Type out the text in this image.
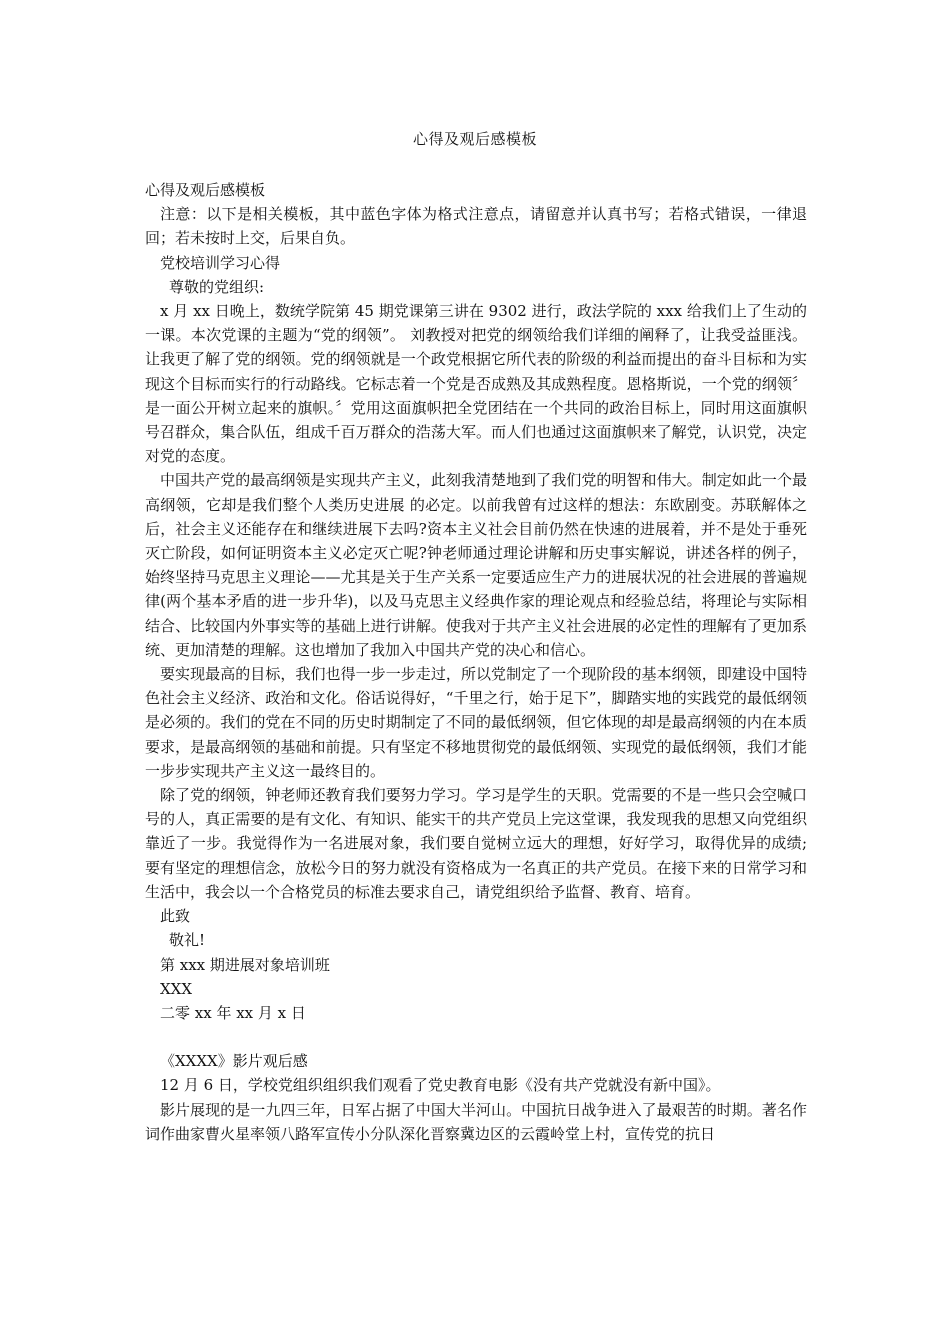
心得及观后感模板

心得及观后感模板

注意：以下是相关模板，其中蓝色字体为格式注意点，请留意并认真书写；若格式错误，一律退回；若未按时上交，后果自负。

党校培训学习心得

尊敬的党组织:

x 月 xx 日晚上，数统学院第 45 期党课第三讲在 9302 进行，政法学院的 xxx 给我们上了生动的一课。本次党课的主题为“党的纲领”。 刘教授对把党的纲领给我们详细的阐释了，让我受益匪浅。让我更了解了党的纲领。党的纲领就是一个政党根据它所代表的阶级的利益而提出的奋斗目标和为实现这个目标而实行的行动路线。它标志着一个党是否成熟及其成熟程度。恩格斯说，一个党的纲领〞是一面公开树立起来的旗帜。〞党用这面旗帜把全党团结在一个共同的政治目标上，同时用这面旗帜号召群众，集合队伍，组成千百万群众的浩荡大军。而人们也通过这面旗帜来了解党，认识党，决定对党的态度。

中国共产党的最高纲领是实现共产主义，此刻我清楚地到了我们党的明智和伟大。制定如此一个最高纲领，它却是我们整个人类历史进展 的必定。以前我曾有过这样的想法：东欧剧变。苏联解体之后，社会主义还能存在和继续进展下去吗?资本主义社会目前仍然在快速的进展着，并不是处于垂死灭亡阶段，如何证明资本主义必定灭亡呢?钟老师通过理论讲解和历史事实解说，讲述各样的例子，始终坚持马克思主义理论——尤其是关于生产关系一定要适应生产力的进展状况的社会进展的普遍规律(两个基本矛盾的进一步升华)，以及马克思主义经典作家的理论观点和经验总结，将理论与实际相结合、比较国内外事实等的基础上进行讲解。使我对于共产主义社会进展的必定性的理解有了更加系统、更加清楚的理解。这也增加了我加入中国共产党的决心和信心。

要实现最高的目标，我们也得一步一步走过，所以党制定了一个现阶段的基本纲领，即建设中国特色社会主义经济、政治和文化。俗话说得好，“千里之行，始于足下”，脚踏实地的实践党的最低纲领是必须的。我们的党在不同的历史时期制定了不同的最低纲领，但它体现的却是最高纲领的内在本质要求，是最高纲领的基础和前提。只有坚定不移地贯彻党的最低纲领、实现党的最低纲领，我们才能一步步实现共产主义这一最终目的。

除了党的纲领，钟老师还教育我们要努力学习。学习是学生的天职。党需要的不是一些只会空喊口号的人，真正需要的是有文化、有知识、能实干的共产党员上完这堂课，我发现我的思想又向党组织靠近了一步。我觉得作为一名进展对象，我们要自觉树立远大的理想，好好学习，取得优异的成绩;要有坚定的理想信念，放松今日的努力就没有资格成为一名真正的共产党员。在接下来的日常学习和生活中，我会以一个合格党员的标准去要求自己，请党组织给予监督、教育、培育。

此致

敬礼!

第 xxx 期进展对象培训班

XXX

二零 xx 年 xx 月 x 日

《XXXX》影片观后感

12 月 6 日，学校党组织组织我们观看了党史教育电影《没有共产党就没有新中国》。

影片展现的是一九四三年，日军占据了中国大半河山。中国抗日战争进入了最艰苦的时期。著名作词作曲家曹火星率领八路军宣传小分队深化晋察冀边区的云霞岭堂上村，宣传党的抗日
